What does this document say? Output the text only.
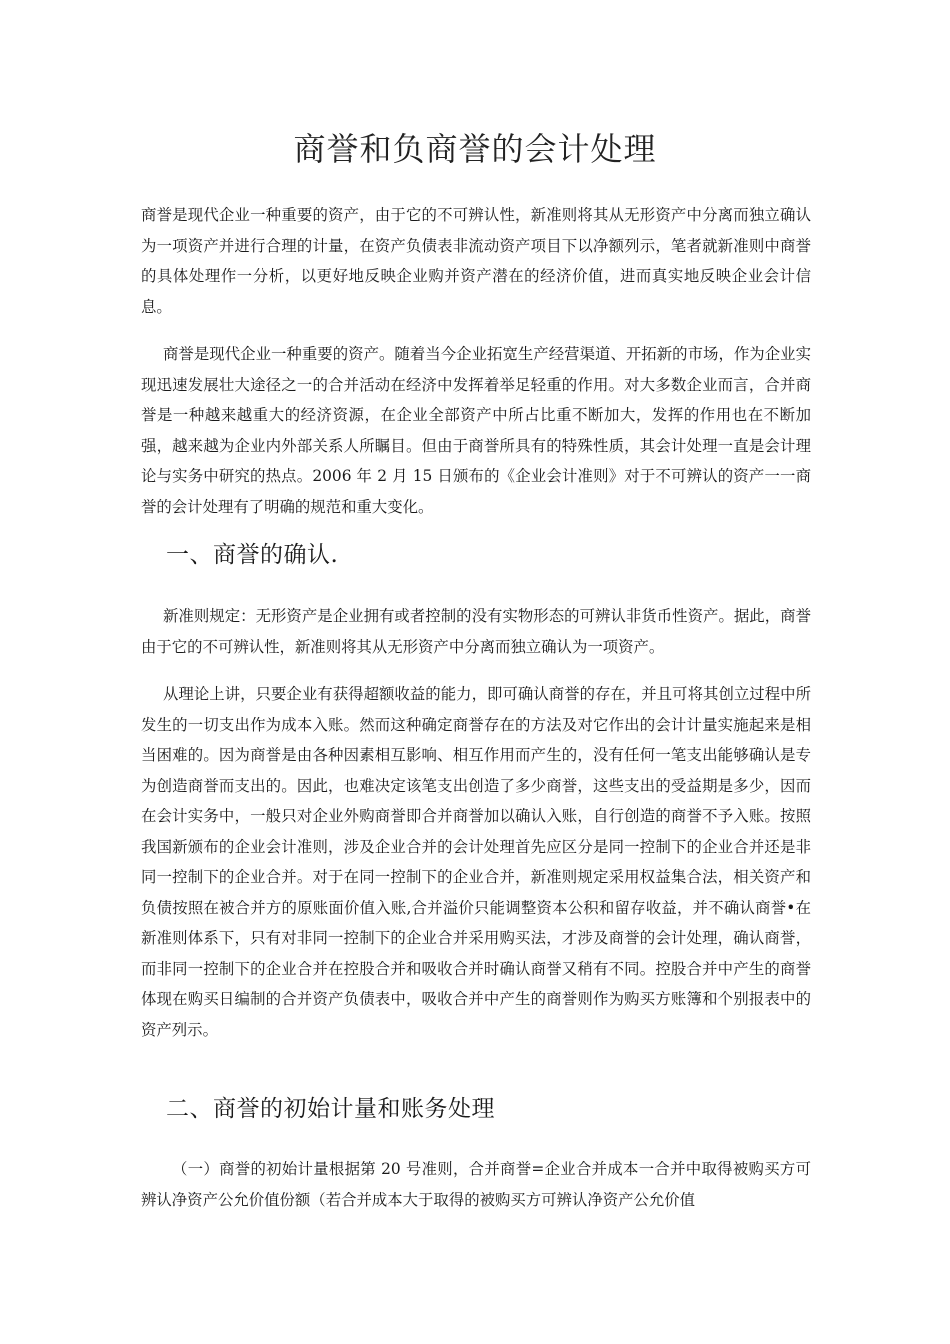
商誉和负商誉的会计处理

商誉是现代企业一种重要的资产，由于它的不可辨认性，新准则将其从无形资产中分离而独立确认为一项资产并进行合理的计量，在资产负债表非流动资产项目下以净额列示，笔者就新准则中商誉的具体处理作一分析，以更好地反映企业购并资产潜在的经济价值，进而真实地反映企业会计信息。

商誉是现代企业一种重要的资产。随着当今企业拓宽生产经营渠道、开拓新的市场，作为企业实现迅速发展壮大途径之一的合并活动在经济中发挥着举足轻重的作用。对大多数企业而言，合并商誉是一种越来越重大的经济资源，在企业全部资产中所占比重不断加大，发挥的作用也在不断加强，越来越为企业内外部关系人所瞩目。但由于商誉所具有的特殊性质，其会计处理一直是会计理论与实务中研究的热点。2006 年 2 月 15 日颁布的《企业会计准则》对于不可辨认的资产一一商誉的会计处理有了明确的规范和重大变化。

一、商誉的确认.

新准则规定：无形资产是企业拥有或者控制的没有实物形态的可辨认非货币性资产。据此，商誉由于它的不可辨认性，新准则将其从无形资产中分离而独立确认为一项资产。

从理论上讲，只要企业有获得超额收益的能力，即可确认商誉的存在，并且可将其创立过程中所发生的一切支出作为成本入账。然而这种确定商誉存在的方法及对它作出的会计计量实施起来是相当困难的。因为商誉是由各种因素相互影响、相互作用而产生的，没有任何一笔支出能够确认是专为创造商誉而支出的。因此，也难决定该笔支出创造了多少商誉，这些支出的受益期是多少，因而在会计实务中，一般只对企业外购商誉即合并商誉加以确认入账，自行创造的商誉不予入账。按照我国新颁布的企业会计准则，涉及企业合并的会计处理首先应区分是同一控制下的企业合并还是非同一控制下的企业合并。对于在同一控制下的企业合并，新准则规定采用权益集合法，相关资产和负债按照在被合并方的原账面价值入账,合并溢价只能调整资本公积和留存收益，并不确认商誉•在新准则体系下，只有对非同一控制下的企业合并采用购买法，才涉及商誉的会计处理，确认商誉，而非同一控制下的企业合并在控股合并和吸收合并时确认商誉又稍有不同。控股合并中产生的商誉体现在购买日编制的合并资产负债表中，吸收合并中产生的商誉则作为购买方账簿和个别报表中的资产列示。

二、商誉的初始计量和账务处理

（一）商誉的初始计量根据第 20 号准则，合并商誉=企业合并成本一合并中取得被购买方可辨认净资产公允价值份额（若合并成本大于取得的被购买方可辨认净资产公允价值
